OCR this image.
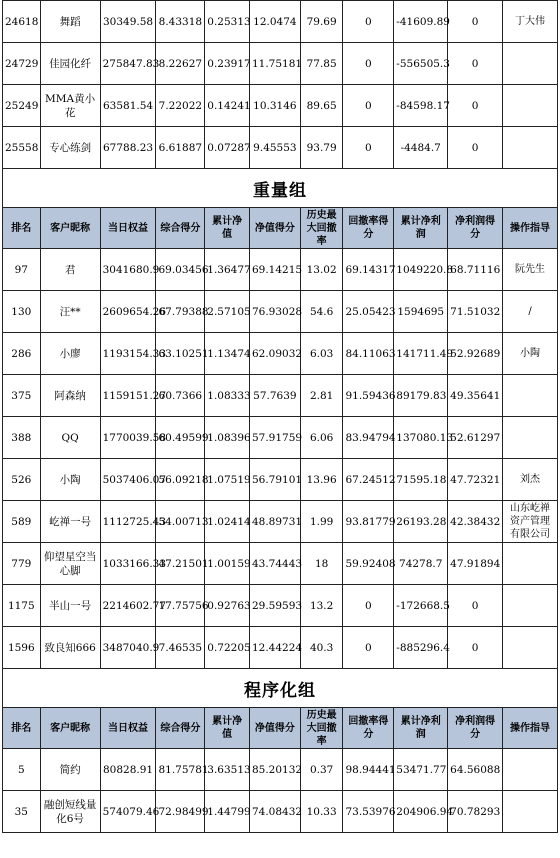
24618	舞蹈	30349.58	8.43318	0.25313	12.0474	79.69	0	-41609.89	0	丁大伟
24729	佳园化纤	275847.83	8.22627	0.23917	11.75181	77.85	0	-556505.3	0	
25249	MMA黄小花	63581.54	7.22022	0.14241	10.3146	89.65	0	-84598.17	0	
25558	专心练剑	67788.23	6.61887	0.07287	9.45553	93.79	0	-4484.7	0	
重量组										
排名	客户昵称	当日权益	综合得分	累计净值	净值得分	历史最大回撤率	回撤率得分	累计净利润	净利润得分	操作指导
97	君	3041680.9	69.03456	1.36477	69.14215	13.02	69.14317	1049220.8	68.71116	阮先生
130	汪**	2609654.26	67.79388	2.57105	76.93028	54.6	25.05423	1594695	71.51032	/
286	小廖	1193154.33	63.10251	1.13474	62.09032	6.03	84.11063	141711.49	52.92689	小陶
375	阿森纳	1159151.27	60.7366	1.08333	57.7639	2.81	91.59436	89179.83	49.35641	
388	QQ	1770039.58	60.49599	1.08396	57.91759	6.06	83.94794	137080.13	52.61297	
526	小陶	5037406.07	56.09218	1.07519	56.79101	13.96	67.24512	71595.18	47.72321	刘杰
589	屹禅一号	1112725.43	54.00713	1.02414	48.89731	1.99	93.81779	26193.28	42.38432	山东屹禅资产管理有限公司
779	仰望星空当心脚	1033166.33	47.21501	1.00159	43.74443	18	59.92408	74278.7	47.91894	
1175	半山一号	2214602.77	17.75756	0.92763	29.59593	13.2	0	-172668.5	0	
1596	致良知666	3487040.9	7.46535	0.72205	12.44224	40.3	0	-885296.4	0	
程序化组										
排名	客户昵称	当日权益	综合得分	累计净值	净值得分	历史最大回撤率	回撤率得分	累计净利润	净利润得分	操作指导
5	简约	80828.91	81.75781	3.63513	85.20132	0.37	98.94441	53471.77	64.56088	
35	融创短线量化6号	574079.46	72.98499	1.44799	74.08432	10.33	73.53976	204906.94	70.78293	
